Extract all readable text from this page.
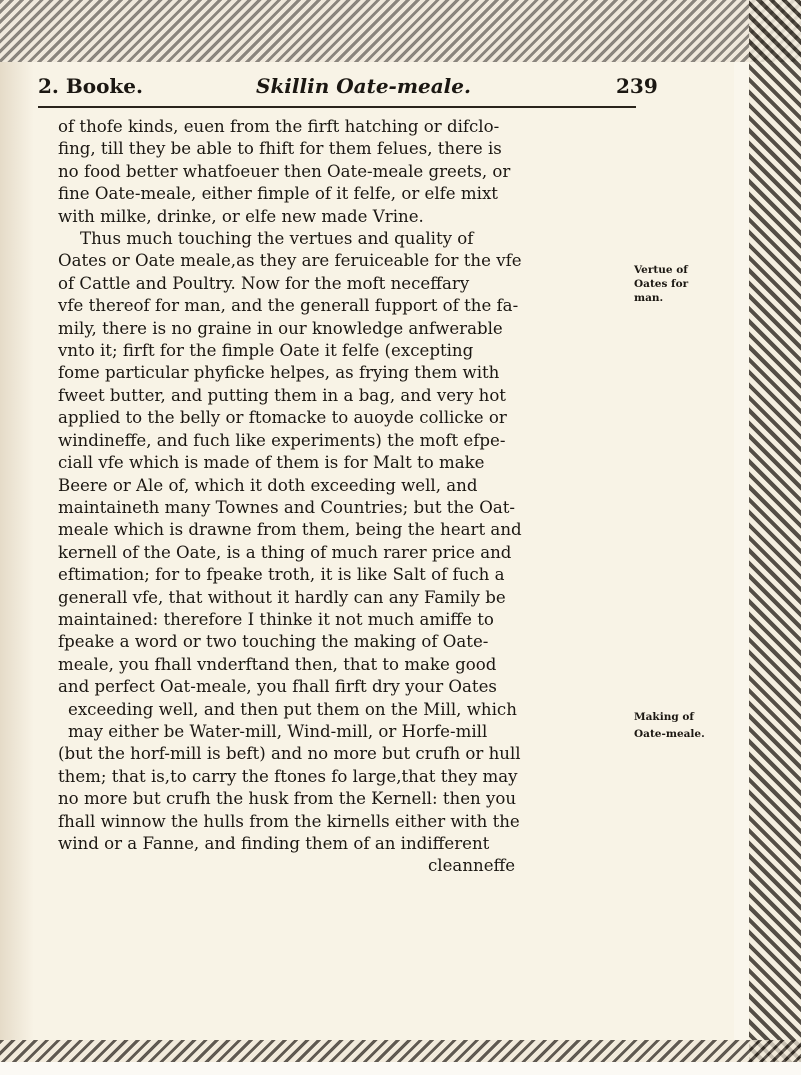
2. Booke.	Skillin Oate-meale.	239
of thofe kinds, euen from the firft hatching or difclo-
fing, till they be able to fhift for them felues, there is
no food better whatfoeuer then Oate-meale greets, or
fine Oate-meale, either fimple of it felfe, or elfe mixt
with milke, drinke, or elfe new made Vrine.
Thus much touching the vertues and quality of
Oates or Oate meale,as they are feruiceable for the vfe
of Cattle and Poultry. Now for the moft neceffary
vfe thereof for man, and the generall fupport of the fa-
mily, there is no graine in our knowledge anfwerable
vnto it; firft for the fimple Oate it felfe (excepting
fome particular phyficke helpes, as frying them with
fweet butter, and putting them in a bag, and very hot
applied to the belly or ftomacke to auoyde collicke or
windineffe, and fuch like experiments) the moft efpe-
ciall vfe which is made of them is for Malt to make
Beere or Ale of, which it doth exceeding well, and
maintaineth many Townes and Countries; but the Oat-
meale which is drawne from them, being the heart and
kernell of the Oate, is a thing of much rarer price and
eftimation; for to fpeake troth, it is like Salt of fuch a
generall vfe, that without it hardly can any Family be
maintained: therefore I thinke it not much amiffe to
fpeake a word or two touching the making of Oate-
meale, you fhall vnderftand then, that to make good
and perfect Oat-meale, you fhall firft dry your Oates
exceeding well, and then put them on the Mill, which
may either be Water-mill, Wind-mill, or Horfe-mill
(but the horf-mill is beft) and no more but crufh or hull
them; that is,to carry the ftones fo large,that they may
no more but crufh the husk from the Kernell: then you
fhall winnow the hulls from the kirnells either with the
wind or a Fanne, and finding them of an indifferent
cleanneffe
Vertue of
Oates for
man.
Making of
Oate-meale.
